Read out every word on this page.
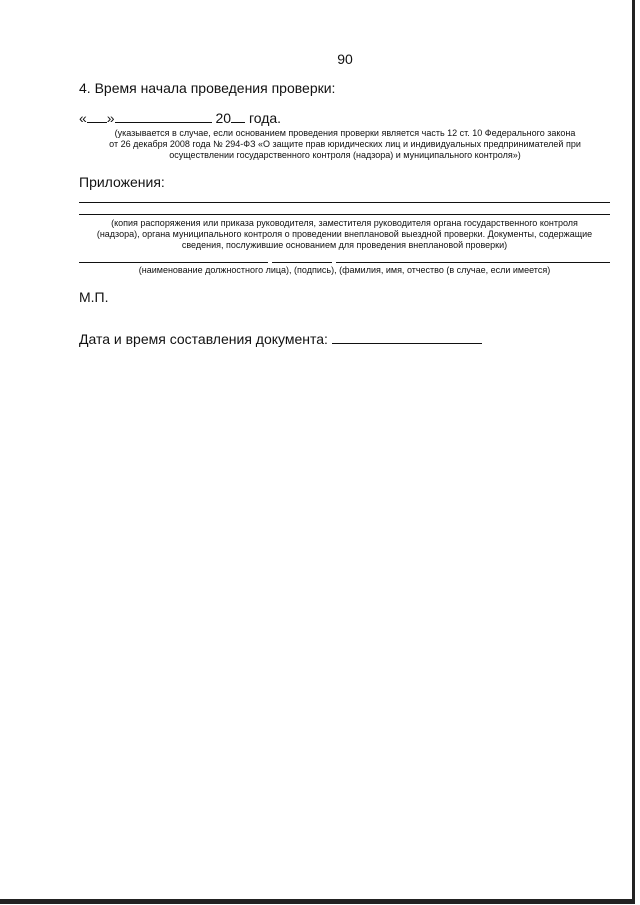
90
4. Время начала проведения проверки:
« »	20 года.
(указывается в случае, если основанием проведения проверки является часть 12 ст. 10 Федерального закона
от 26 декабря 2008 года № 294-ФЗ «О защите прав юридических лиц и индивидуальных предпринимателей при
осуществлении государственного контроля (надзора) и муниципального контроля»)
Приложения:
(копия распоряжения или приказа руководителя, заместителя руководителя органа государственного контроля
(надзора), органа муниципального контроля о проведении внеплановой выездной проверки. Документы, содержащие
сведения, послужившие основанием для проведения внеплановой проверки)
(наименование должностного лица), (подпись), (фамилия, имя, отчество (в случае, если имеется)
М.П.
Дата и время составления документа:
